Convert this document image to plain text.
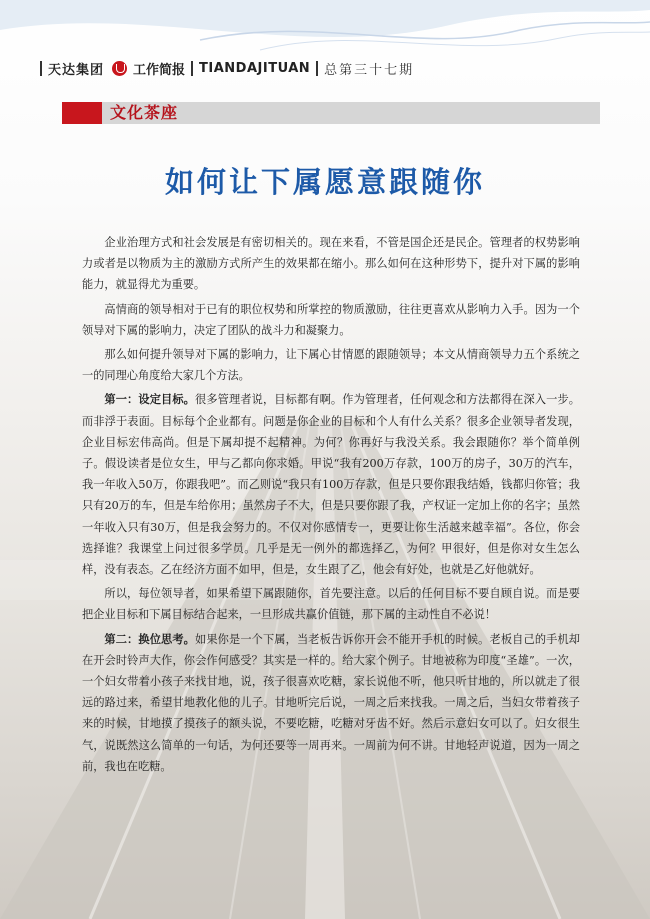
天达集团 工作简报 TIANDAJITUAN 总第三十七期
文化茶座
如何让下属愿意跟随你

企业治理方式和社会发展是有密切相关的。现在来看，不管是国企还是民企。管理者的权势影响力或者是以物质为主的激励方式所产生的效果都在缩小。那么如何在这种形势下，提升对下属的影响能力，就显得尤为重要。

高情商的领导相对于已有的职位权势和所掌控的物质激励，往往更喜欢从影响力入手。因为一个领导对下属的影响力，决定了团队的战斗力和凝聚力。

那么如何提升领导对下属的影响力，让下属心甘情愿的跟随领导；本文从情商领导力五个系统之一的同理心角度给大家几个方法。

第一：设定目标。很多管理者说，目标都有啊。作为管理者，任何观念和方法都得在深入一步。而非浮于表面。目标每个企业都有。问题是你企业的目标和个人有什么关系？很多企业领导者发现，企业目标宏伟高尚。但是下属却提不起精神。为何？你再好与我没关系。我会跟随你？举个简单例子。假设读者是位女生，甲与乙都向你求婚。甲说“我有200万存款，100万的房子，30万的汽车，我一年收入50万，你跟我吧”。而乙则说“我只有100万存款，但是只要你跟我结婚，钱都归你管；我只有20万的车，但是车给你用；虽然房子不大，但是只要你跟了我，产权证一定加上你的名字；虽然一年收入只有30万，但是我会努力的。不仅对你感情专一，更要让你生活越来越幸福”。各位，你会选择谁？我课堂上问过很多学员。几乎是无一例外的都选择乙，为何？甲很好，但是你对女生怎么样，没有表态。乙在经济方面不如甲，但是，女生跟了乙，他会有好处，也就是乙好他就好。

所以，每位领导者，如果希望下属跟随你，首先要注意。以后的任何目标不要自顾自说。而是要把企业目标和下属目标结合起来，一旦形成共赢价值链，那下属的主动性自不必说！

第二：换位思考。如果你是一个下属，当老板告诉你开会不能开手机的时候。老板自己的手机却在开会时铃声大作，你会作何感受？其实是一样的。给大家个例子。甘地被称为印度“圣雄”。一次，一个妇女带着小孩子来找甘地，说，孩子很喜欢吃糖，家长说他不听，他只听甘地的，所以就走了很远的路过来，希望甘地教化他的儿子。甘地听完后说，一周之后来找我。一周之后，当妇女带着孩子来的时候，甘地摸了摸孩子的额头说，不要吃糖，吃糖对牙齿不好。然后示意妇女可以了。妇女很生气，说既然这么简单的一句话，为何还要等一周再来。一周前为何不讲。甘地轻声说道，因为一周之前，我也在吃糖。
